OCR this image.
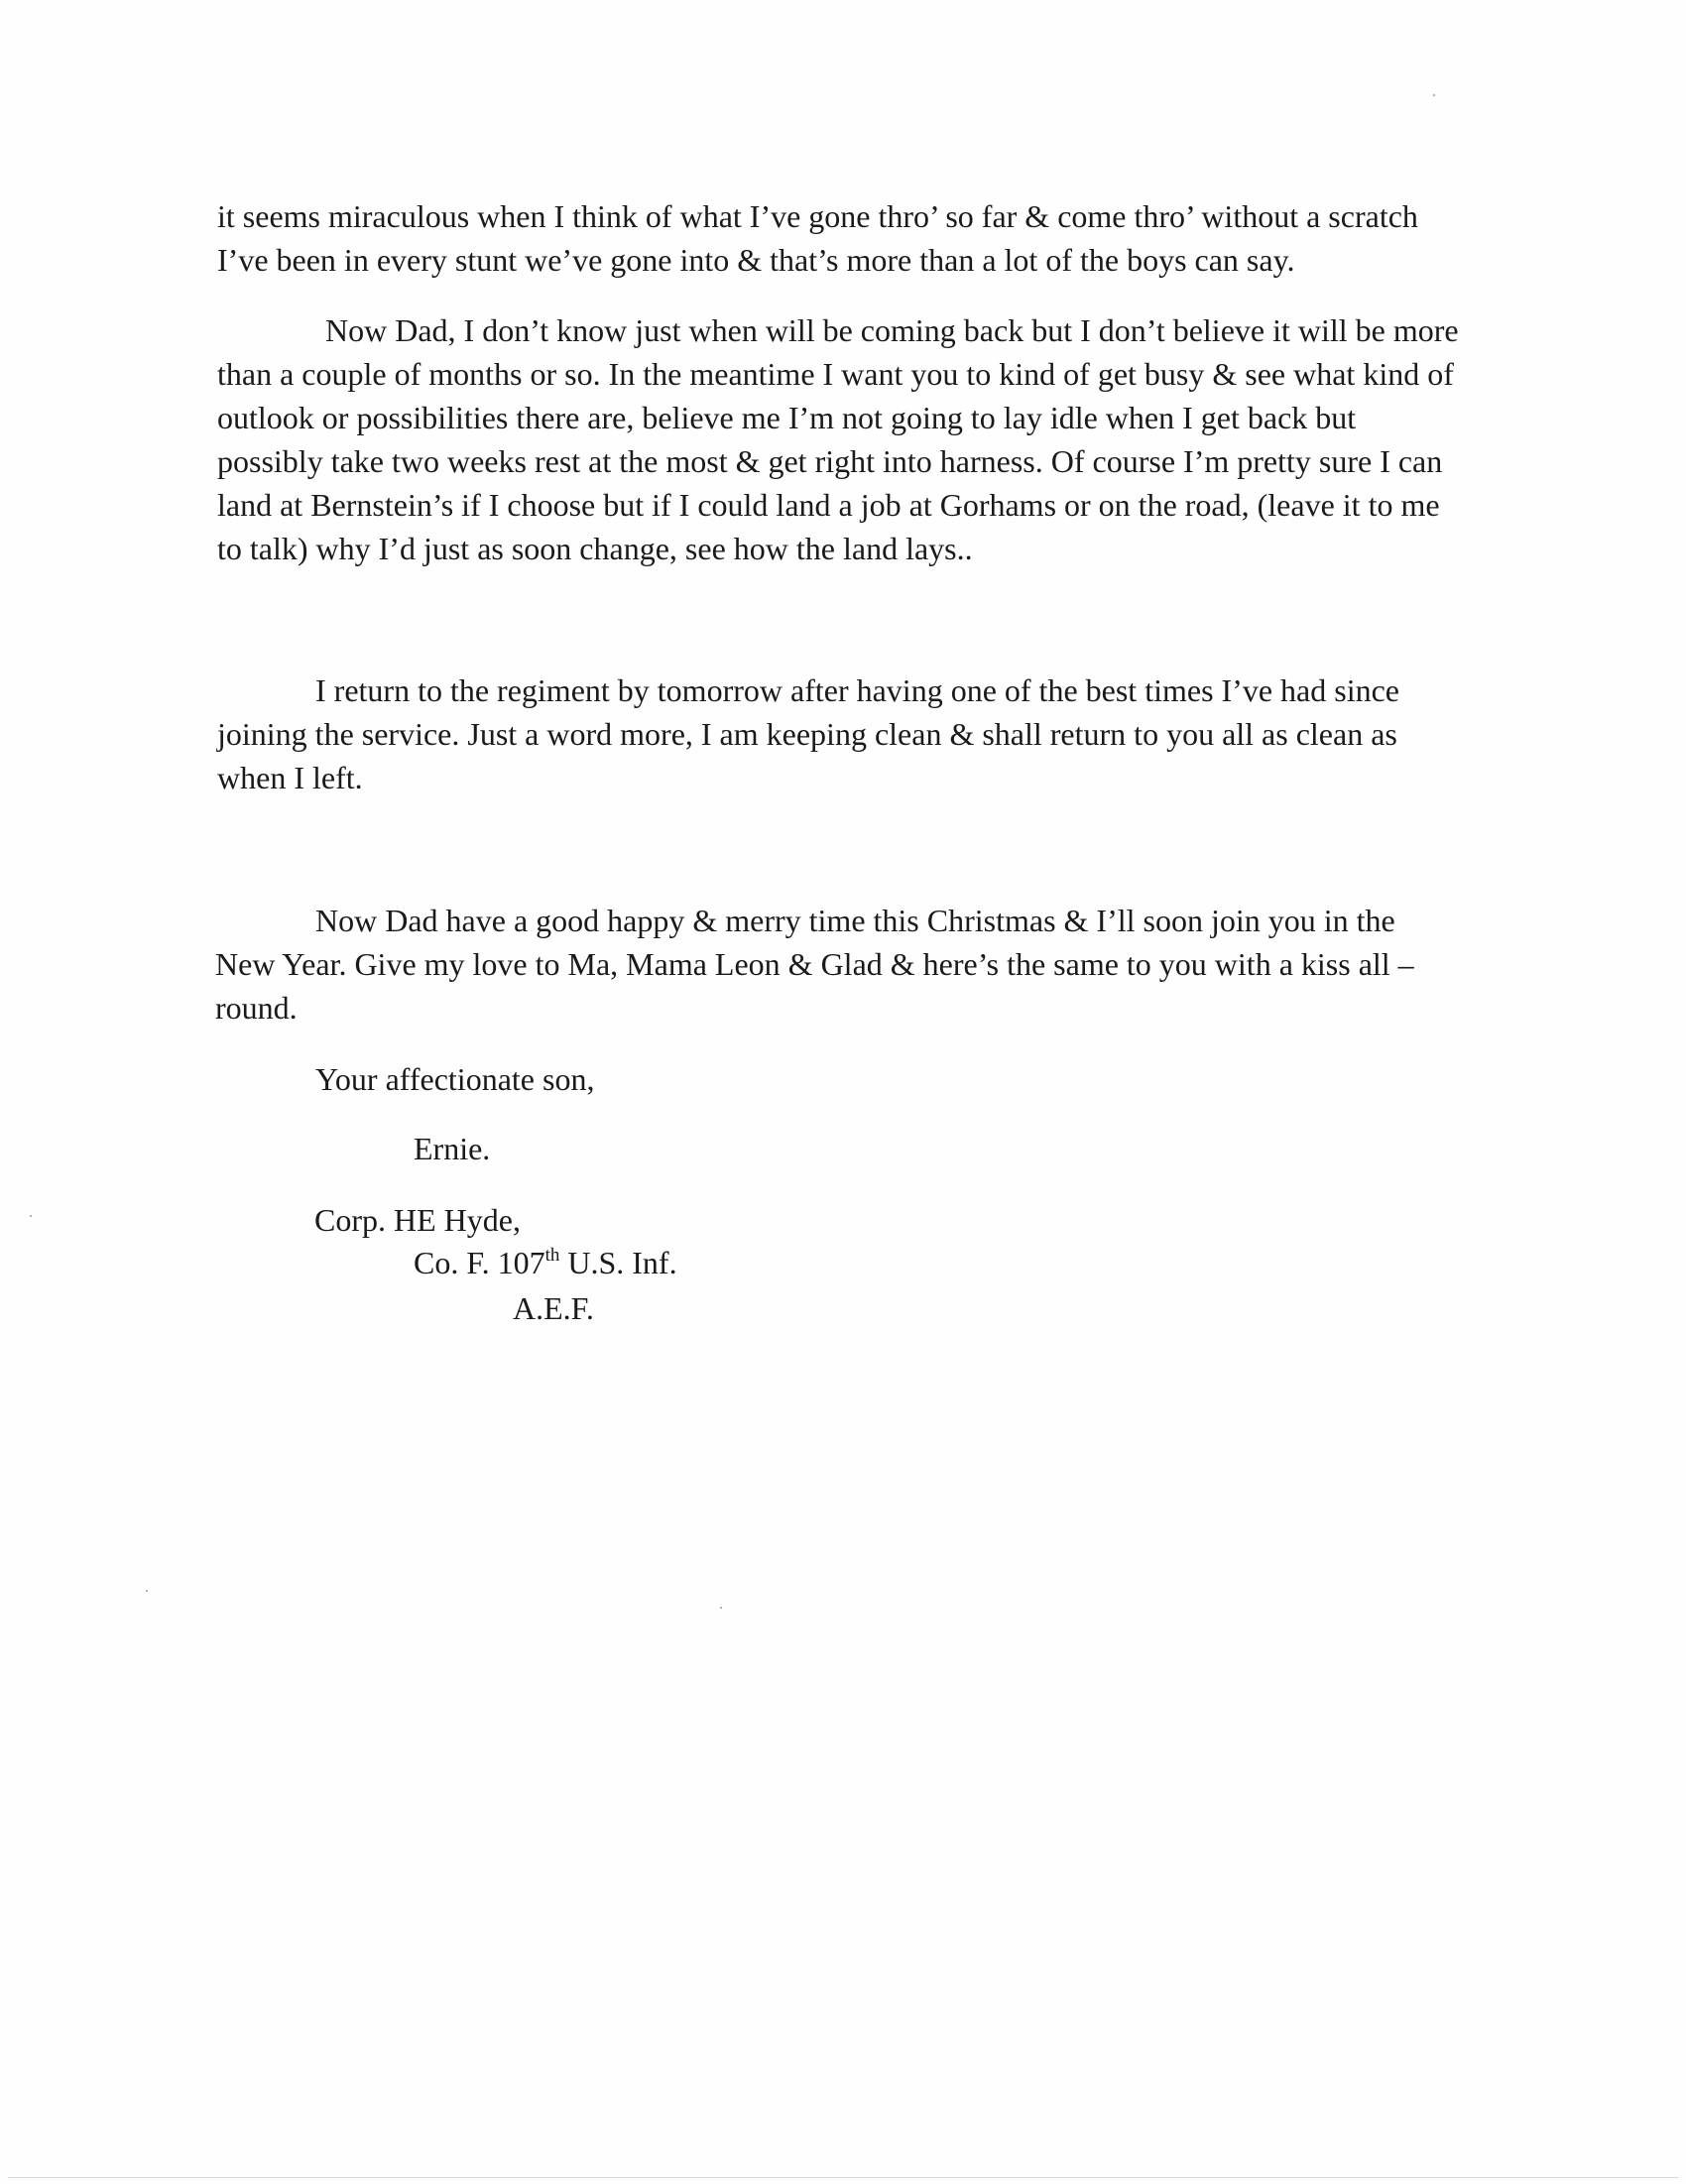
it seems miraculous when I think of what I’ve gone thro’ so far & come thro’ without a scratch
I’ve been in every stunt we’ve gone into & that’s more than a lot of the boys can say.
Now Dad, I don’t know just when will be coming back but I don’t believe it will be more
than a couple of months or so. In the meantime I want you to kind of get busy & see what kind of
outlook or possibilities there are, believe me I’m not going to lay idle when I get back but
possibly take two weeks rest at the most & get right into harness. Of course I’m pretty sure I can
land at Bernstein’s if I choose but if I could land a job at Gorhams or on the road, (leave it to me
to talk) why I’d just as soon change, see how the land lays..
I return to the regiment by tomorrow after having one of the best times I’ve had since
joining the service. Just a word more, I am keeping clean & shall return to you all as clean as
when I left.
Now Dad have a good happy & merry time this Christmas & I’ll soon join you in the
New Year. Give my love to Ma, Mama Leon & Glad & here’s the same to you with a kiss all –
round.
Your affectionate son,
Ernie.
Corp. HE Hyde,
Co. F. 107th U.S. Inf.
A.E.F.
